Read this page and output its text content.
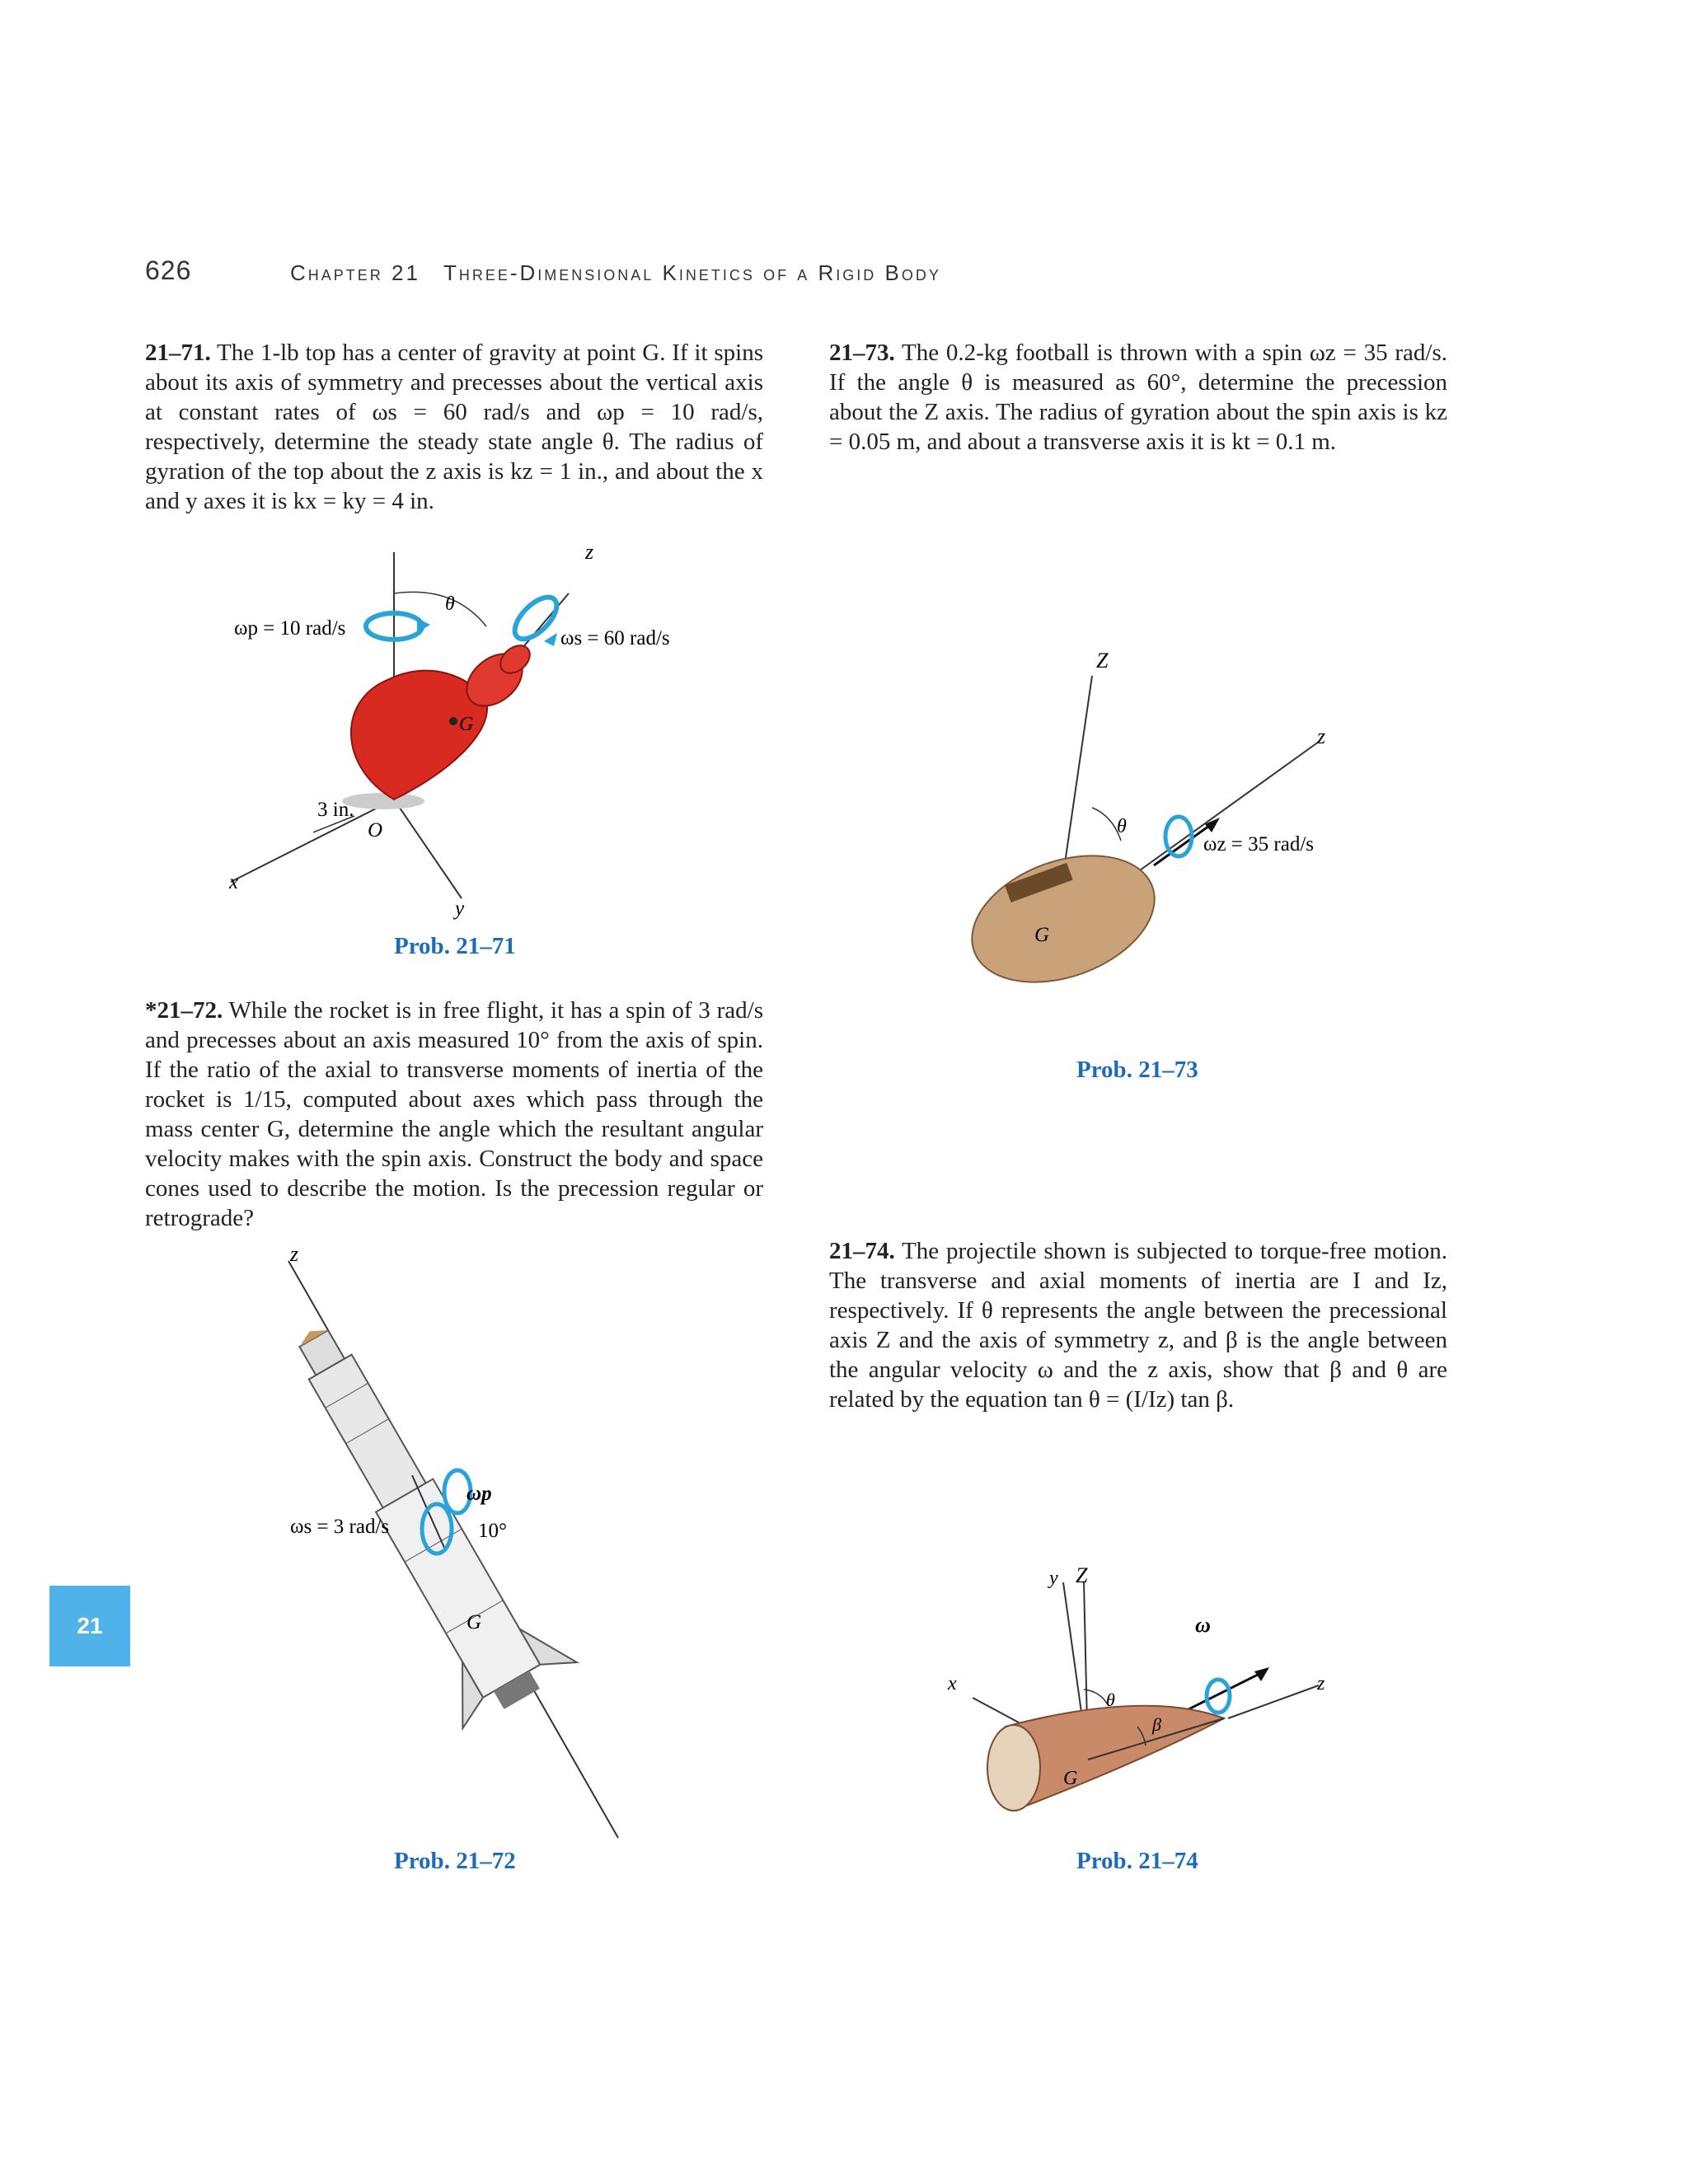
626	Chapter 21 Three-Dimensional Kinetics of a Rigid Body
21–71. The 1-lb top has a center of gravity at point G. If it spins about its axis of symmetry and precesses about the vertical axis at constant rates of ωs = 60 rad/s and ωp = 10 rad/s, respectively, determine the steady state angle θ. The radius of gyration of the top about the z axis is kz = 1 in., and about the x and y axes it is kx = ky = 4 in.
z
θ
ωp = 10 rad/s	ωs = 60 rad/s
G
3 in.
O
x
y
Prob. 21–71
*21–72. While the rocket is in free flight, it has a spin of 3 rad/s and precesses about an axis measured 10° from the axis of spin. If the ratio of the axial to transverse moments of inertia of the rocket is 1/15, computed about axes which pass through the mass center G, determine the angle which the resultant angular velocity makes with the spin axis. Construct the body and space cones used to describe the motion. Is the precession regular or retrograde?
z
ωs = 3 rad/s
ωp
10°
G
Prob. 21–72
21–73. The 0.2-kg football is thrown with a spin ωz = 35 rad/s. If the angle θ is measured as 60°, determine the precession about the Z axis. The radius of gyration about the spin axis is kz = 0.05 m, and about a transverse axis it is kt = 0.1 m.
Z
z
θ
ωz = 35 rad/s
G
Prob. 21–73
21–74. The projectile shown is subjected to torque-free motion. The transverse and axial moments of inertia are I and Iz, respectively. If θ represents the angle between the precessional axis Z and the axis of symmetry z, and β is the angle between the angular velocity ω and the z axis, show that β and θ are related by the equation tan θ = (I/Iz) tan β.
y Z
x	z
ω
θ
β
G
Prob. 21–74
21
